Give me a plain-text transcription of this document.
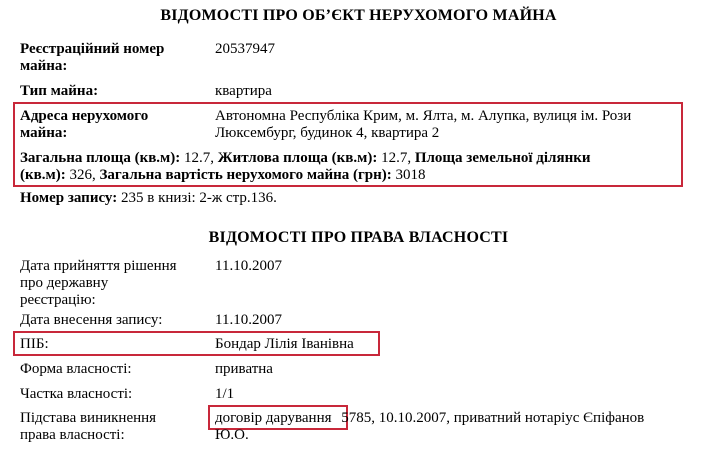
ВІДОМОСТІ ПРО ОБ’ЄКТ НЕРУХОМОГО МАЙНА
Реєстраційний номер
майна:
20537947
Тип майна:	квартира
Адреса нерухомого
майна:
Автономна Республіка Крим, м. Ялта, м. Алупка, вулиця ім. Рози
Люксембург, будинок 4, квартира 2
Загальна площа (кв.м): 12.7, Житлова площа (кв.м): 12.7, Площа земельної ділянки
(кв.м): 326, Загальна вартість нерухомого майна (грн): 3018
Номер запису: 235 в книзі: 2-ж стр.136.
ВІДОМОСТІ ПРО ПРАВА ВЛАСНОСТІ
Дата прийняття рішення
про державну
реєстрацію:
11.10.2007
Дата внесення запису:	11.10.2007
ПІБ:	Бондар Лілія Іванівна
Форма власності:	приватна
Частка власності:	1/1
Підстава виникнення
права власності:
договір дарування 5785, 10.10.2007, приватний нотаріус Єпіфанов
Ю.О.
